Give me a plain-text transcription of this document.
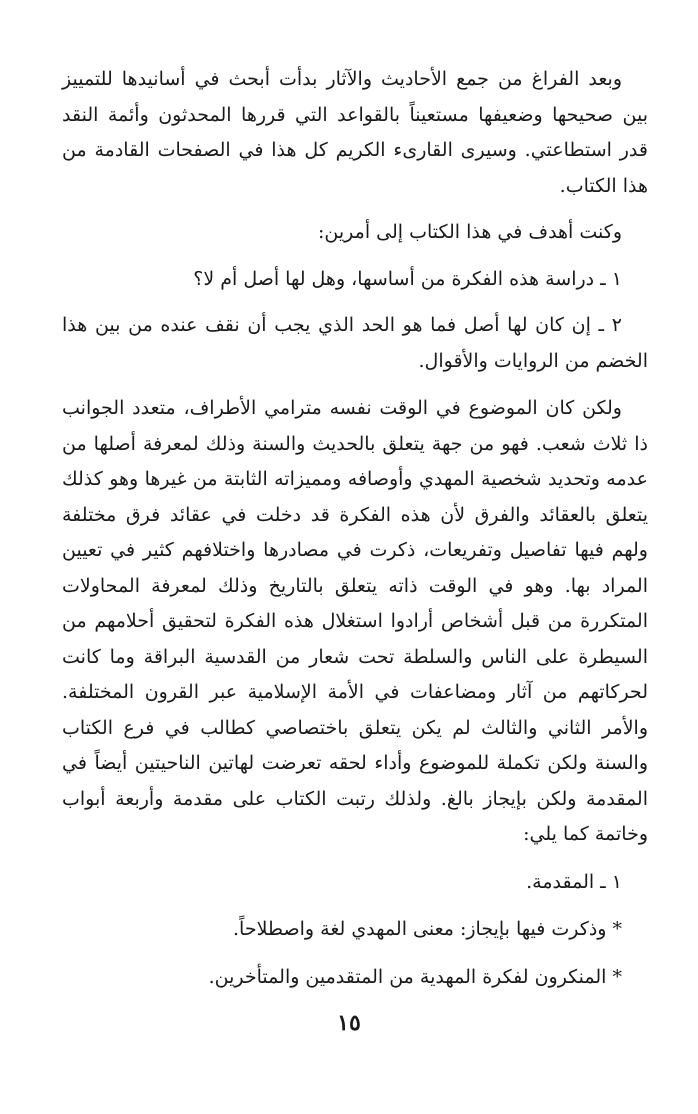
وبعد الفراغ من جمع الأحاديث والآثار بدأت أبحث في أسانيدها للتمييز بين صحيحها وضعيفها مستعيناً بالقواعد التي قررها المحدثون وأئمة النقد قدر استطاعتي. وسيرى القارىء الكريم كل هذا في الصفحات القادمة من هذا الكتاب.

وكنت أهدف في هذا الكتاب إلى أمرين:

١ ـ دراسة هذه الفكرة من أساسها، وهل لها أصل أم لا؟

٢ ـ إن كان لها أصل فما هو الحد الذي يجب أن نقف عنده من بين هذا الخضم من الروايات والأقوال.

ولكن كان الموضوع في الوقت نفسه مترامي الأطراف، متعدد الجوانب ذا ثلاث شعب. فهو من جهة يتعلق بالحديث والسنة وذلك لمعرفة أصلها من عدمه وتحديد شخصية المهدي وأوصافه ومميزاته الثابتة من غيرها وهو كذلك يتعلق بالعقائد والفرق لأن هذه الفكرة قد دخلت في عقائد فرق مختلفة ولهم فيها تفاصيل وتفريعات، ذكرت في مصادرها واختلافهم كثير في تعيين المراد بها. وهو في الوقت ذاته يتعلق بالتاريخ وذلك لمعرفة المحاولات المتكررة من قبل أشخاص أرادوا استغلال هذه الفكرة لتحقيق أحلامهم من السيطرة على الناس والسلطة تحت شعار من القدسية البراقة وما كانت لحركاتهم من آثار ومضاعفات في الأمة الإسلامية عبر القرون المختلفة. والأمر الثاني والثالث لم يكن يتعلق باختصاصي كطالب في فرع الكتاب والسنة ولكن تكملة للموضوع وأداء لحقه تعرضت لهاتين الناحيتين أيضاً في المقدمة ولكن بإيجاز بالغ. ولذلك رتبت الكتاب على مقدمة وأربعة أبواب وخاتمة كما يلي:

١ ـ المقدمة.

* وذكرت فيها بإيجاز: معنى المهدي لغة واصطلاحاً.

* المنكرون لفكرة المهدية من المتقدمين والمتأخرين.

١٥
